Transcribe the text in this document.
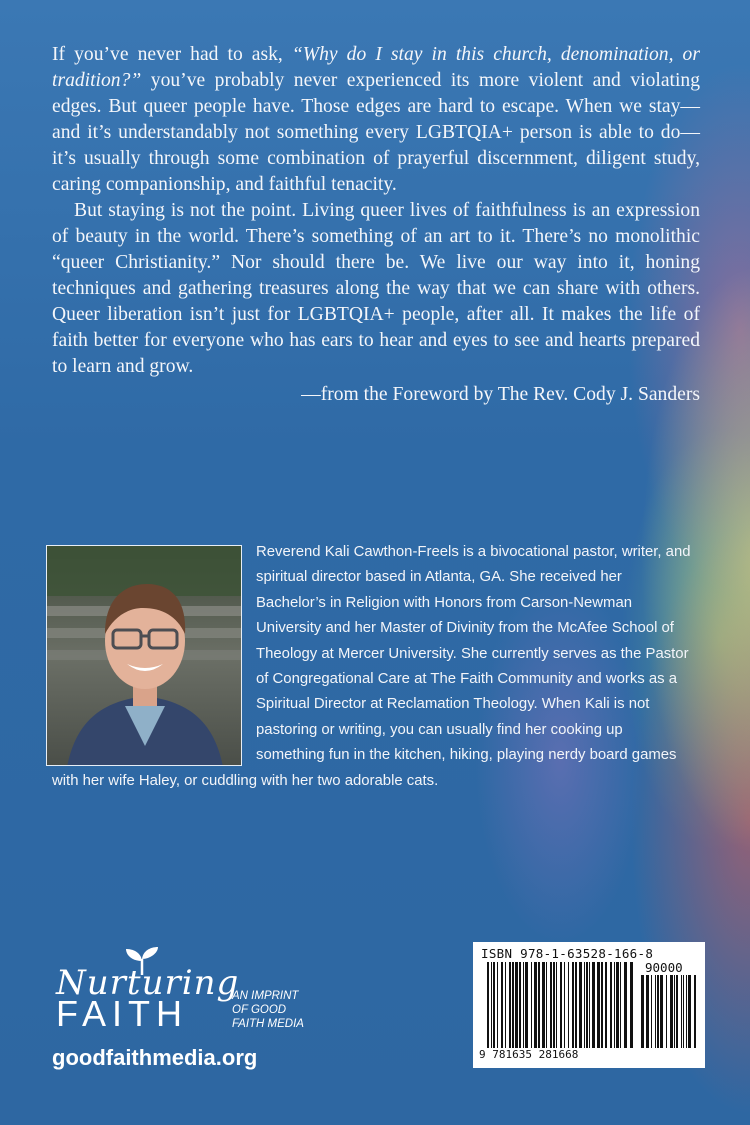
If you’ve never had to ask, “Why do I stay in this church, denomination, or tradition?” you’ve probably never experienced its more violent and violating edges. But queer people have. Those edges are hard to escape. When we stay—and it’s understandably not something every LGBTQIA+ person is able to do—it’s usually through some combination of prayerful discernment, diligent study, caring companionship, and faithful tenacity.

But staying is not the point. Living queer lives of faithfulness is an expression of beauty in the world. There’s something of an art to it. There’s no monolithic “queer Christianity.” Nor should there be. We live our way into it, honing techniques and gathering treasures along the way that we can share with others. Queer liberation isn’t just for LGBTQIA+ people, after all. It makes the life of faith better for everyone who has ears to hear and eyes to see and hearts prepared to learn and grow.

—from the Foreword by The Rev. Cody J. Sanders

Reverend Kali Cawthon-Freels is a bivocational pastor, writer, and spiritual director based in Atlanta, GA. She received her Bachelor’s in Religion with Honors from Carson-Newman University and her Master of Divinity from the McAfee School of Theology at Mercer University. She currently serves as the Pastor of Congregational Care at The Faith Community and works as a Spiritual Director at Reclamation Theology. When Kali is not pastoring or writing, you can usually find her cooking up something fun in the kitchen, hiking, playing nerdy board games with her wife Haley, or cuddling with her two adorable cats.

Nurturing
FAITH	AN IMPRINT
OF GOOD
FAITH MEDIA
goodfaithmedia.org
ISBN 978-1-63528-166-8
90000
9 781635 281668
